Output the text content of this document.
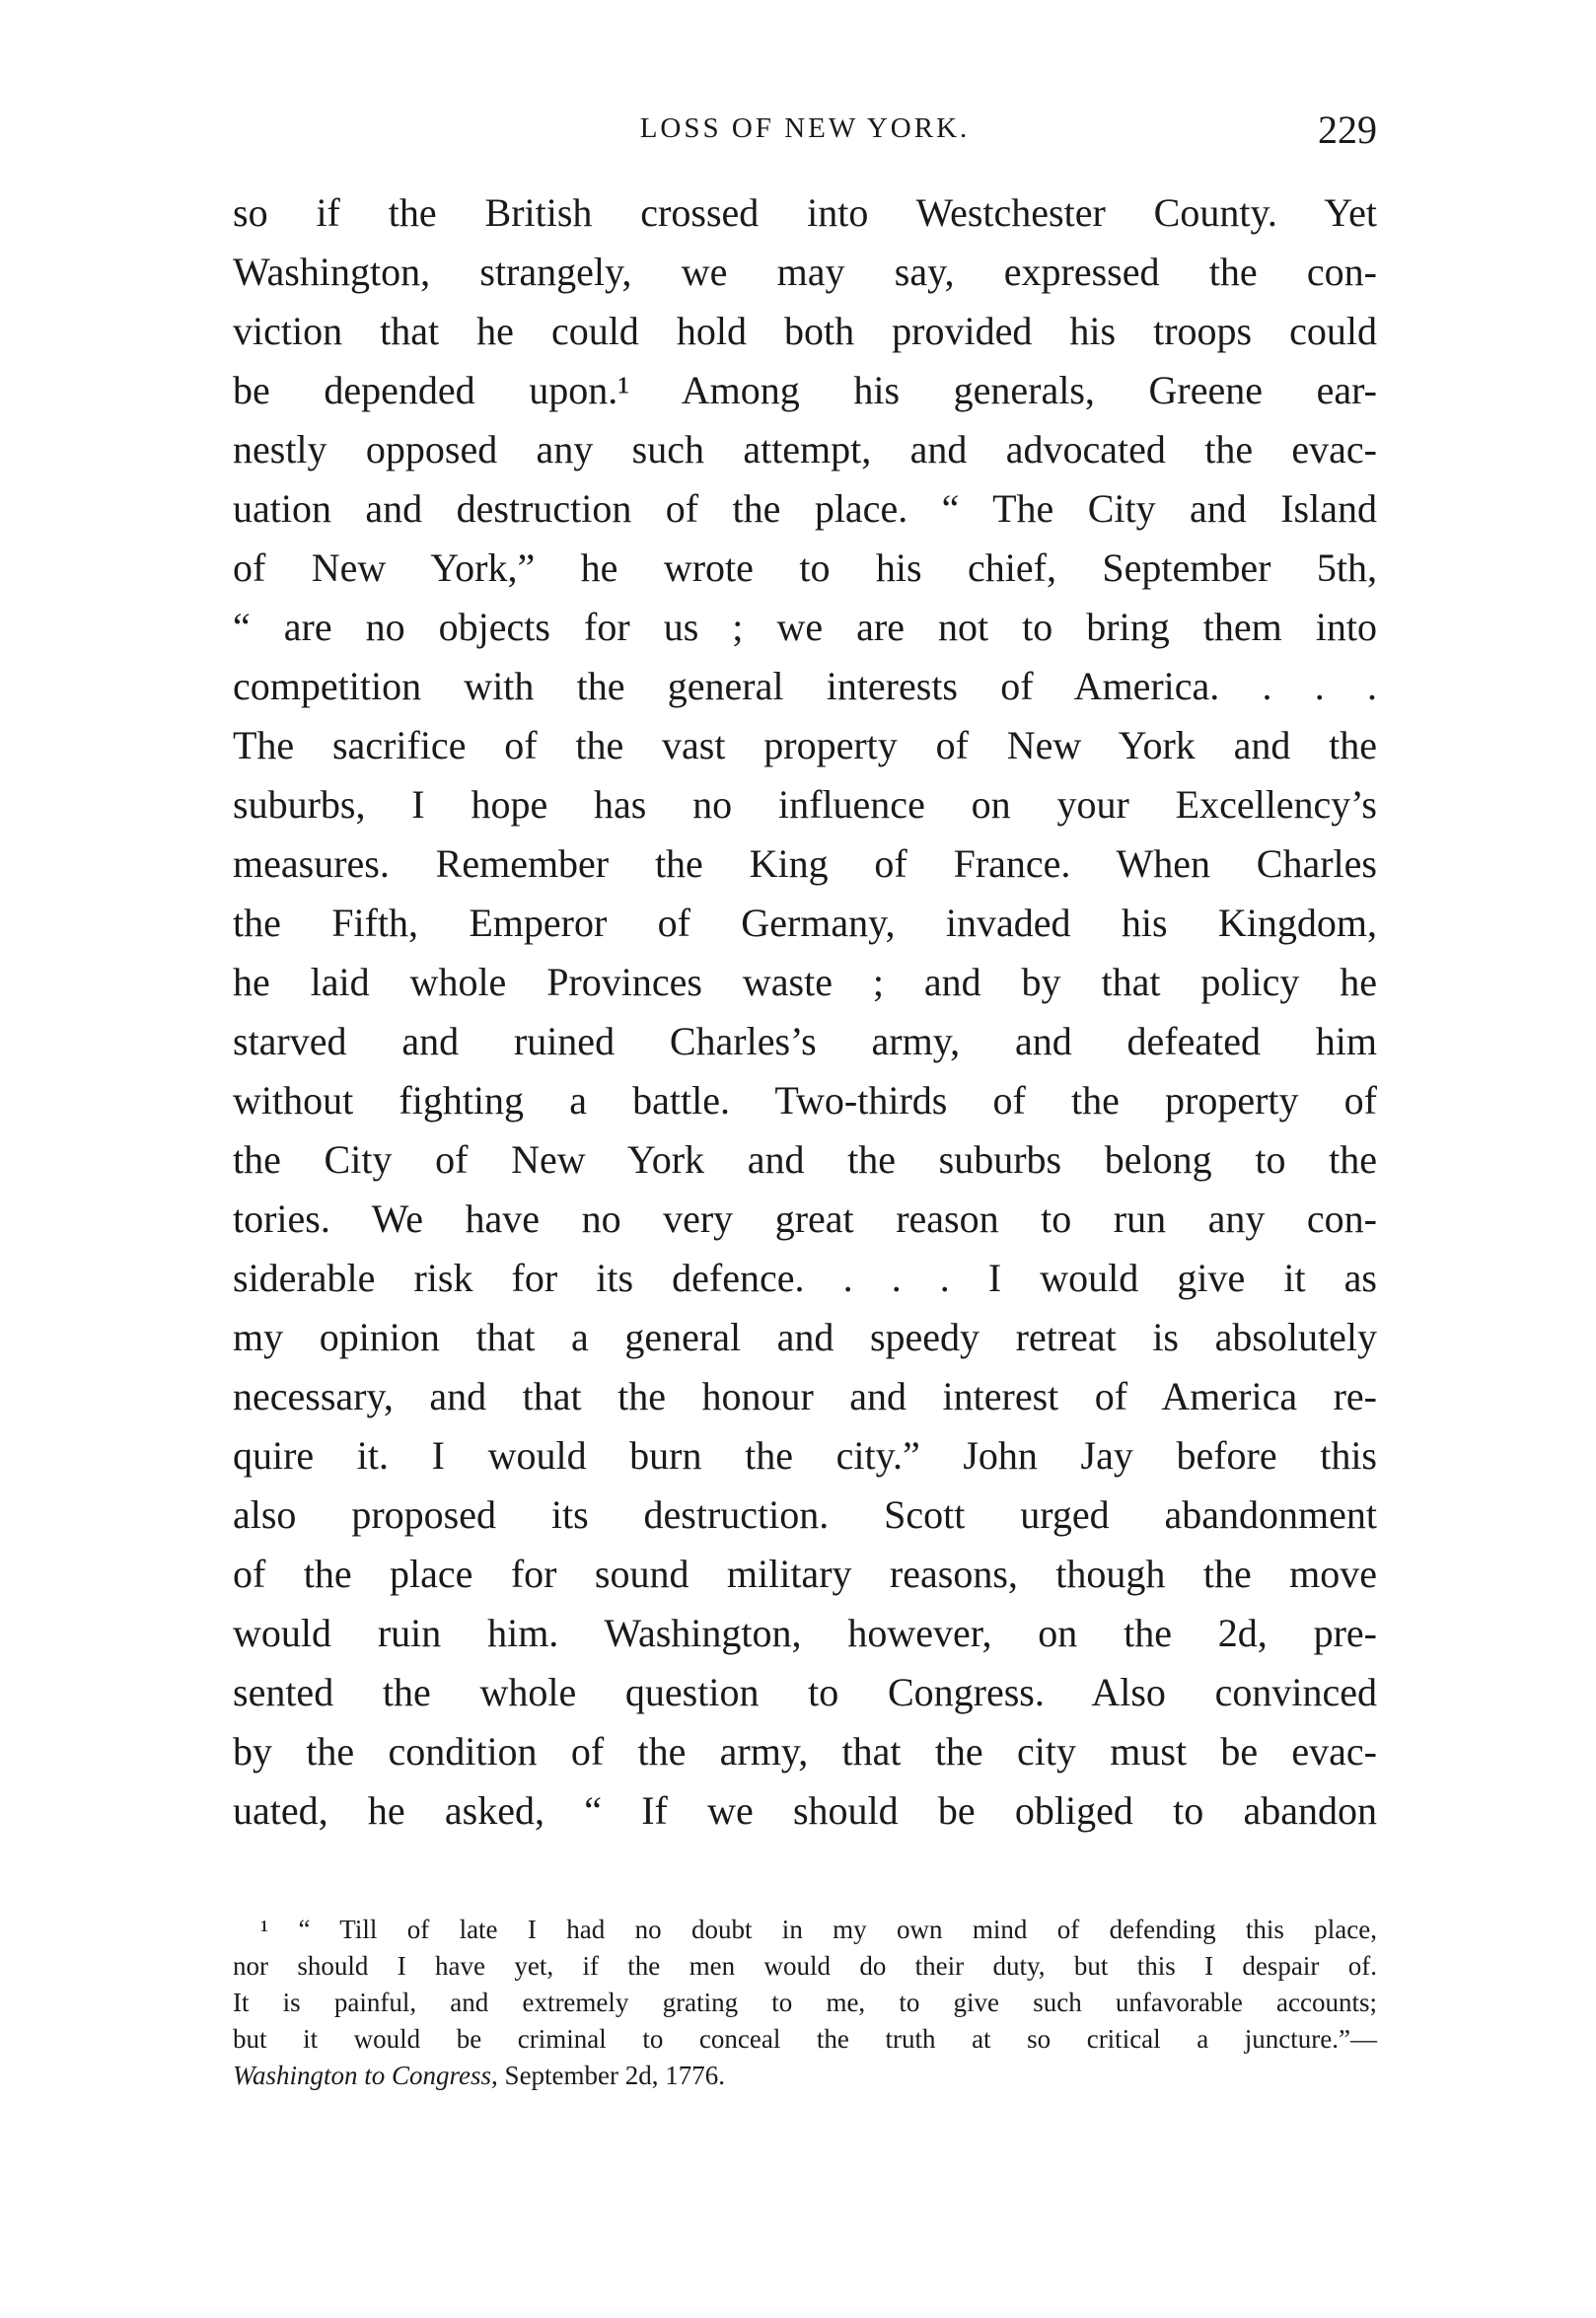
LOSS OF NEW YORK.	229
so if the British crossed into Westchester County. Yet
Washington, strangely, we may say, expressed the con-
viction that he could hold both provided his troops could
be depended upon.¹ Among his generals, Greene ear-
nestly opposed any such attempt, and advocated the evac-
uation and destruction of the place. “ The City and Island
of New York,” he wrote to his chief, September 5th,
“ are no objects for us ; we are not to bring them into
competition with the general interests of America. . . .
The sacrifice of the vast property of New York and the
suburbs, I hope has no influence on your Excellency’s
measures. Remember the King of France. When Charles
the Fifth, Emperor of Germany, invaded his Kingdom,
he laid whole Provinces waste ; and by that policy he
starved and ruined Charles’s army, and defeated him
without fighting a battle. Two-thirds of the property of
the City of New York and the suburbs belong to the
tories. We have no very great reason to run any con-
siderable risk for its defence. . . . I would give it as
my opinion that a general and speedy retreat is absolutely
necessary, and that the honour and interest of America re-
quire it. I would burn the city.” John Jay before this
also proposed its destruction. Scott urged abandonment
of the place for sound military reasons, though the move
would ruin him. Washington, however, on the 2d, pre-
sented the whole question to Congress. Also convinced
by the condition of the army, that the city must be evac-
uated, he asked, “ If we should be obliged to abandon
¹ “ Till of late I had no doubt in my own mind of defending this place,
nor should I have yet, if the men would do their duty, but this I despair of.
It is painful, and extremely grating to me, to give such unfavorable accounts;
but it would be criminal to conceal the truth at so critical a juncture.”—
Washington to Congress, September 2d, 1776.
